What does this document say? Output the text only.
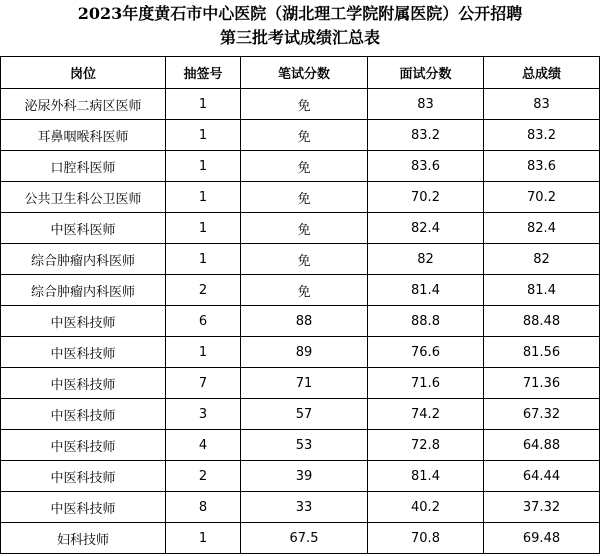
2023年度黄石市中心医院（湖北理工学院附属医院）公开招聘
第三批考试成绩汇总表
岗位	抽签号	笔试分数	面试分数	总成绩
泌尿外科二病区医师	1	免	83	83
耳鼻咽喉科医师	1	免	83.2	83.2
口腔科医师	1	免	83.6	83.6
公共卫生科公卫医师	1	免	70.2	70.2
中医科医师	1	免	82.4	82.4
综合肿瘤内科医师	1	免	82	82
综合肿瘤内科医师	2	免	81.4	81.4
中医科技师	6	88	88.8	88.48
中医科技师	1	89	76.6	81.56
中医科技师	7	71	71.6	71.36
中医科技师	3	57	74.2	67.32
中医科技师	4	53	72.8	64.88
中医科技师	2	39	81.4	64.44
中医科技师	8	33	40.2	37.32
妇科技师	1	67.5	70.8	69.48
